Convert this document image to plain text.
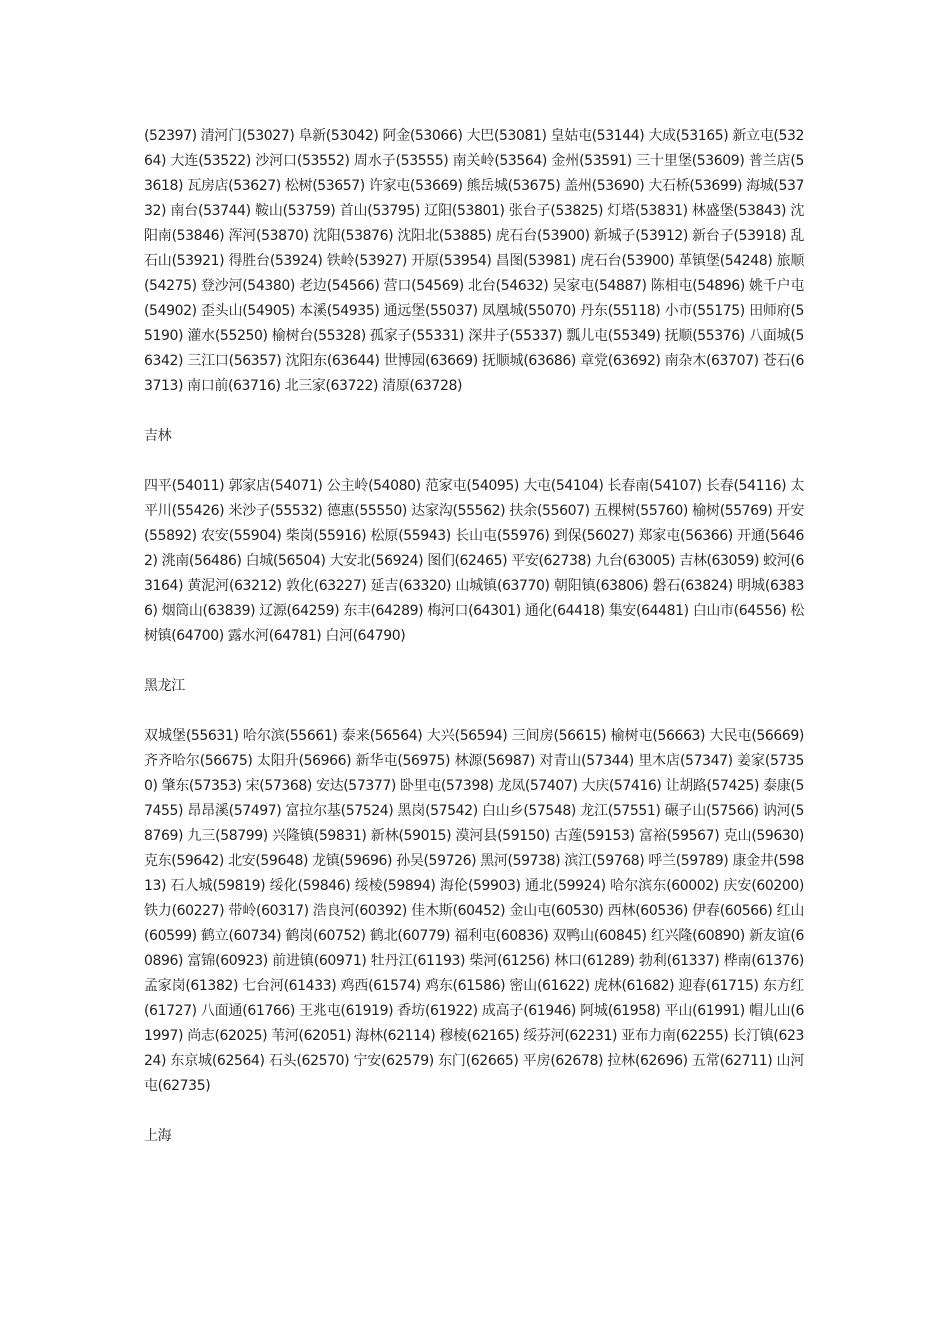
(52397) 清河门(53027) 阜新(53042) 阿金(53066) 大巴(53081) 皇姑屯(53144) 大成(53165) 新立屯(53264) 大连(53522) 沙河口(53552) 周水子(53555) 南关岭(53564) 金州(53591) 三十里堡(53609) 普兰店(53618) 瓦房店(53627) 松树(53657) 许家屯(53669) 熊岳城(53675) 盖州(53690) 大石桥(53699) 海城(53732) 南台(53744) 鞍山(53759) 首山(53795) 辽阳(53801) 张台子(53825) 灯塔(53831) 林盛堡(53843) 沈阳南(53846) 浑河(53870) 沈阳(53876) 沈阳北(53885) 虎石台(53900) 新城子(53912) 新台子(53918) 乱石山(53921) 得胜台(53924) 铁岭(53927) 开原(53954) 昌图(53981) 虎石台(53900) 革镇堡(54248) 旅顺(54275) 登沙河(54380) 老边(54566) 营口(54569) 北台(54632) 吴家屯(54887) 陈相屯(54896) 姚千户屯(54902) 歪头山(54905) 本溪(54935) 通远堡(55037) 凤凰城(55070) 丹东(55118) 小市(55175) 田师府(55190) 灌水(55250) 榆树台(55328) 孤家子(55331) 深井子(55337) 瓢儿屯(55349) 抚顺(55376) 八面城(56342) 三江口(56357) 沈阳东(63644) 世博园(63669) 抚顺城(63686) 章党(63692) 南杂木(63707) 苍石(63713) 南口前(63716) 北三家(63722) 清原(63728)

吉林

四平(54011) 郭家店(54071) 公主岭(54080) 范家屯(54095) 大屯(54104) 长春南(54107) 长春(54116) 太平川(55426) 米沙子(55532) 德惠(55550) 达家沟(55562) 扶余(55607) 五棵树(55760) 榆树(55769) 开安(55892) 农安(55904) 柴岗(55916) 松原(55943) 长山屯(55976) 到保(56027) 郑家屯(56366) 开通(56462) 洮南(56486) 白城(56504) 大安北(56924) 图们(62465) 平安(62738) 九台(63005) 吉林(63059) 蛟河(63164) 黄泥河(63212) 敦化(63227) 延吉(63320) 山城镇(63770) 朝阳镇(63806) 磐石(63824) 明城(63836) 烟筒山(63839) 辽源(64259) 东丰(64289) 梅河口(64301) 通化(64418) 集安(64481) 白山市(64556) 松树镇(64700) 露水河(64781) 白河(64790)

黑龙江

双城堡(55631) 哈尔滨(55661) 泰来(56564) 大兴(56594) 三间房(56615) 榆树屯(56663) 大民屯(56669) 齐齐哈尔(56675) 太阳升(56966) 新华屯(56975) 林源(56987) 对青山(57344) 里木店(57347) 姜家(57350) 肇东(57353) 宋(57368) 安达(57377) 卧里屯(57398) 龙凤(57407) 大庆(57416) 让胡路(57425) 泰康(57455) 昂昂溪(57497) 富拉尔基(57524) 黑岗(57542) 白山乡(57548) 龙江(57551) 碾子山(57566) 讷河(58769) 九三(58799) 兴隆镇(59831) 新林(59015) 漠河县(59150) 古莲(59153) 富裕(59567) 克山(59630) 克东(59642) 北安(59648) 龙镇(59696) 孙吴(59726) 黑河(59738) 滨江(59768) 呼兰(59789) 康金井(59813) 石人城(59819) 绥化(59846) 绥棱(59894) 海伦(59903) 通北(59924) 哈尔滨东(60002) 庆安(60200) 铁力(60227) 带岭(60317) 浩良河(60392) 佳木斯(60452) 金山屯(60530) 西林(60536) 伊春(60566) 红山(60599) 鹤立(60734) 鹤岗(60752) 鹤北(60779) 福利屯(60836) 双鸭山(60845) 红兴隆(60890) 新友谊(60896) 富锦(60923) 前进镇(60971) 牡丹江(61193) 柴河(61256) 林口(61289) 勃利(61337) 桦南(61376) 孟家岗(61382) 七台河(61433) 鸡西(61574) 鸡东(61586) 密山(61622) 虎林(61682) 迎春(61715) 东方红(61727) 八面通(61766) 王兆屯(61919) 香坊(61922) 成高子(61946) 阿城(61958) 平山(61991) 帽儿山(61997) 尚志(62025) 苇河(62051) 海林(62114) 穆棱(62165) 绥芬河(62231) 亚布力南(62255) 长汀镇(62324) 东京城(62564) 石头(62570) 宁安(62579) 东门(62665) 平房(62678) 拉林(62696) 五常(62711) 山河屯(62735)

上海
